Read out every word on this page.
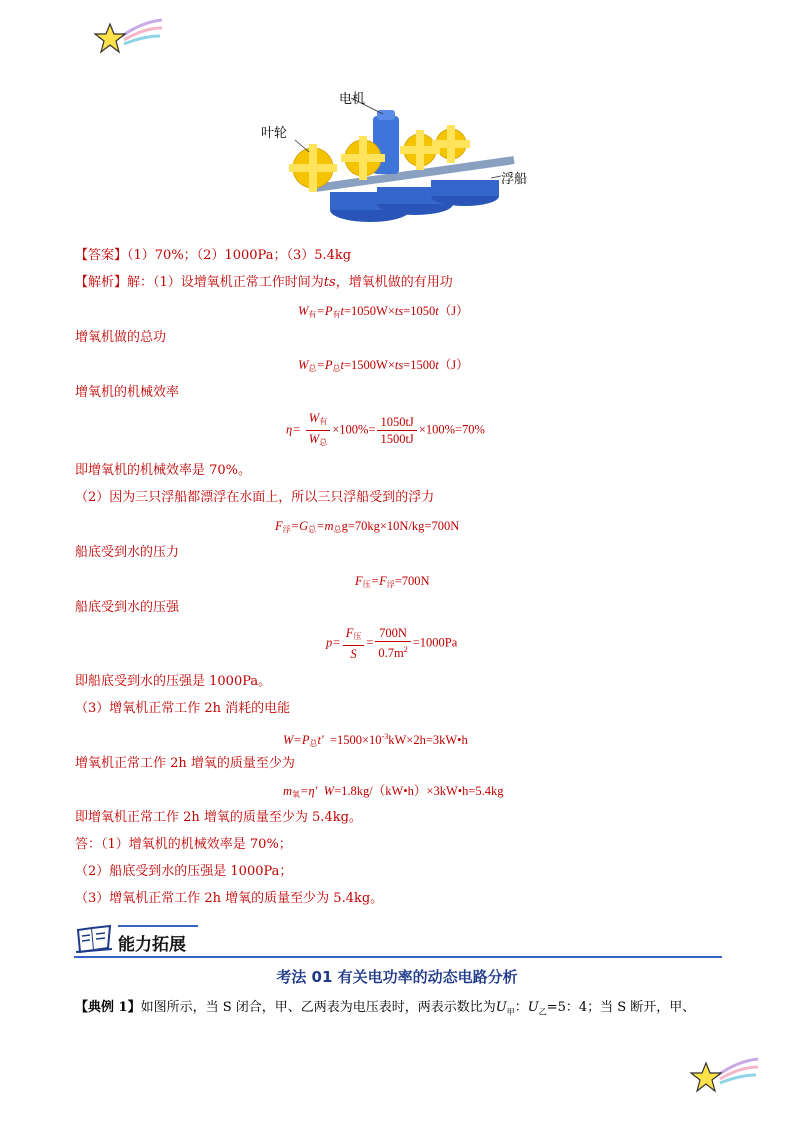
电机
叶轮
浮船
【答案】（1）70%；（2）1000Pa；（3）5.4kg
【解析】解：（1）设增氧机正常工作时间为ts，增氧机做的有用功
$W_有=P_有t=1050W\times ts=1050t(J)$
增氧机做的总功
$W_总=P_总t=1500W\times ts=1500t(J)$
增氧机的机械效率
$\eta= \frac{W_有}{W_总} \times 100\%= \frac{1050tJ}{1500tJ} \times 100\%=70\%$
即增氧机的机械效率是 70%。
（2）因为三只浮船都漂浮在水面上，所以三只浮船受到的浮力
$F_浮=G_总=m_总g=70kg\times 10N/kg=700N$
船底受到水的压力
$F_压=F_浮=700N$
船底受到水的压强
$p= \frac{F_压}{S} = \frac{700N}{0.7m^2} =1000Pa$
即船底受到水的压强是 1000Pa。
（3）增氧机正常工作 2h 消耗的电能
$W=P_总t'$ $=1500\times 10^{-3}kW\times 2h=3kW•h$
增氧机正常工作 2h 增氧的质量至少为
$m_氧=\eta'$ W=1.8kg/（kW•h）×3kW•h=5.4kg
即增氧机正常工作 2h 增氧的质量至少为 5.4kg。
答：（1）增氧机的机械效率是 70%；
（2）船底受到水的压强是 1000Pa；
（3）增氧机正常工作 2h 增氧的质量至少为 5.4kg。
能力拓展
考法 01 有关电功率的动态电路分析
【典例 1】如图所示，当 S 闭合，甲、乙两表为电压表时，两表示数比为$U_甲$：$U_乙=5$：4；当 S 断开，甲、
